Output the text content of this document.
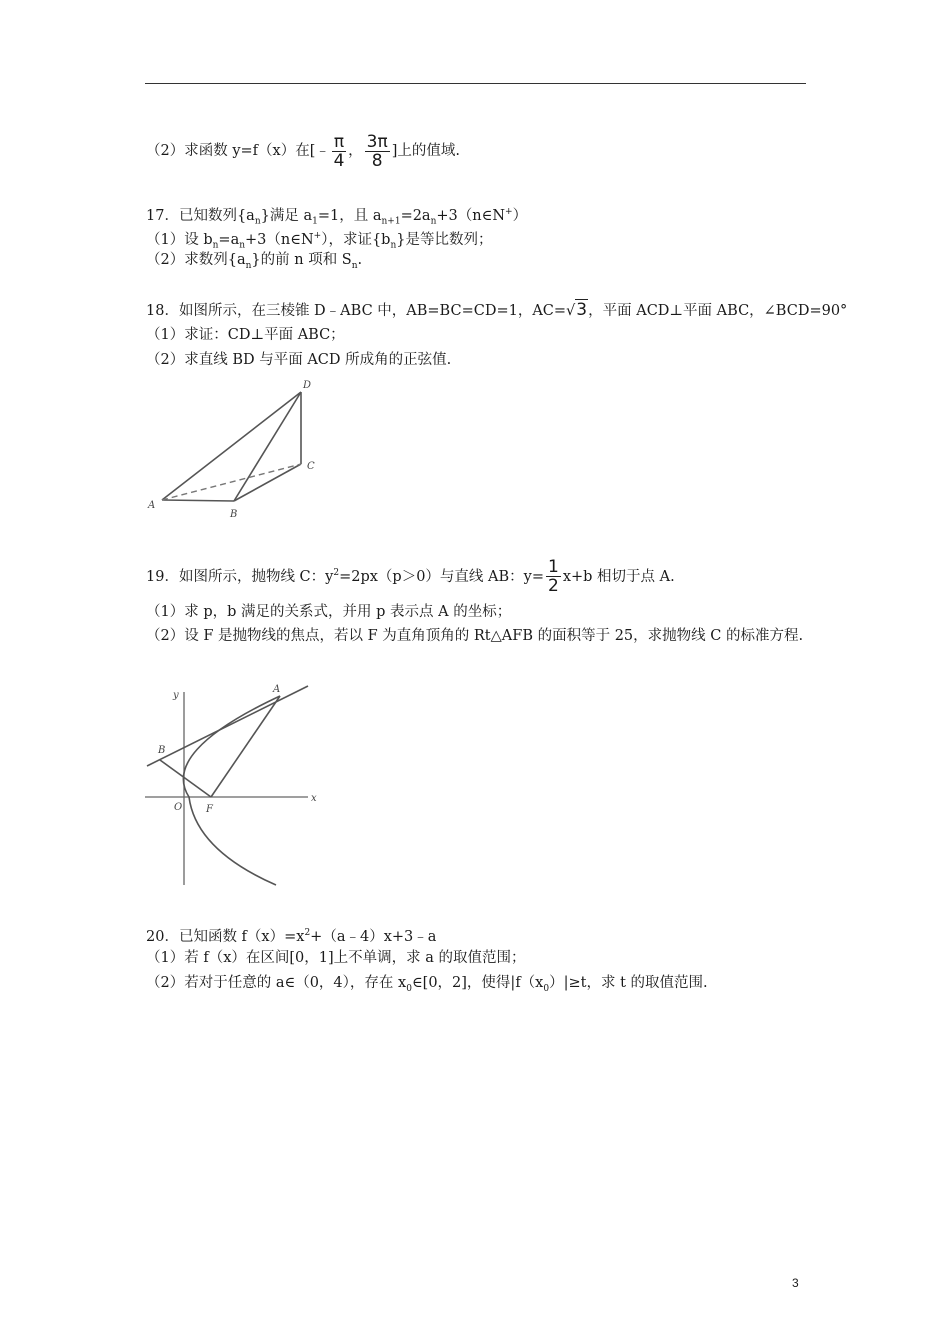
（2）求函数 y=f（x）在[﹣ $\frac{\pi}{4}$ ， $\frac{3\pi}{8}$ ]上的值域.
17．已知数列$\{a_n\}$满足 $a_1=1$，且 $a_{n+1}=2a_n+3(n\in N^+)$
（1）设 $b_n=a_n+3(n\in N^+)$，求证$\{b_n\}$是等比数列；
（2）求数列$\{a_n\}$的前 n 项和 $S_n$.
18．如图所示，在三棱锥 D﹣ABC 中，AB=BC=CD=1，AC=√3，平面 ACD⊥平面 ABC，∠BCD=90°
（1）求证：CD⊥平面 ABC；
（2）求直线 BD 与平面 ACD 所成角的正弦值.
A
B
C
D
19．如图所示，抛物线 C：$y^2=2px(p>0)$与直线 AB：$y= \frac{1}{2} x+b$ 相切于点 A.
（1）求 p，b 满足的关系式，并用 p 表示点 A 的坐标；
（2）设 F 是抛物线的焦点，若以 F 为直角顶角的 Rt△AFB 的面积等于 25，求抛物线 C 的标准方程.
y
x
A
B
O F
20．已知函数 $f(x)=x^2+(a﹣4)x+3﹣a$
（1）若 f（x）在区间[0，1]上不单调，求 a 的取值范围；
（2）若对于任意的 a∈（0，4），存在 $x_0\in[0$，2]，使得$|f(x_0)|\ge t$，求 t 的取值范围.
3
